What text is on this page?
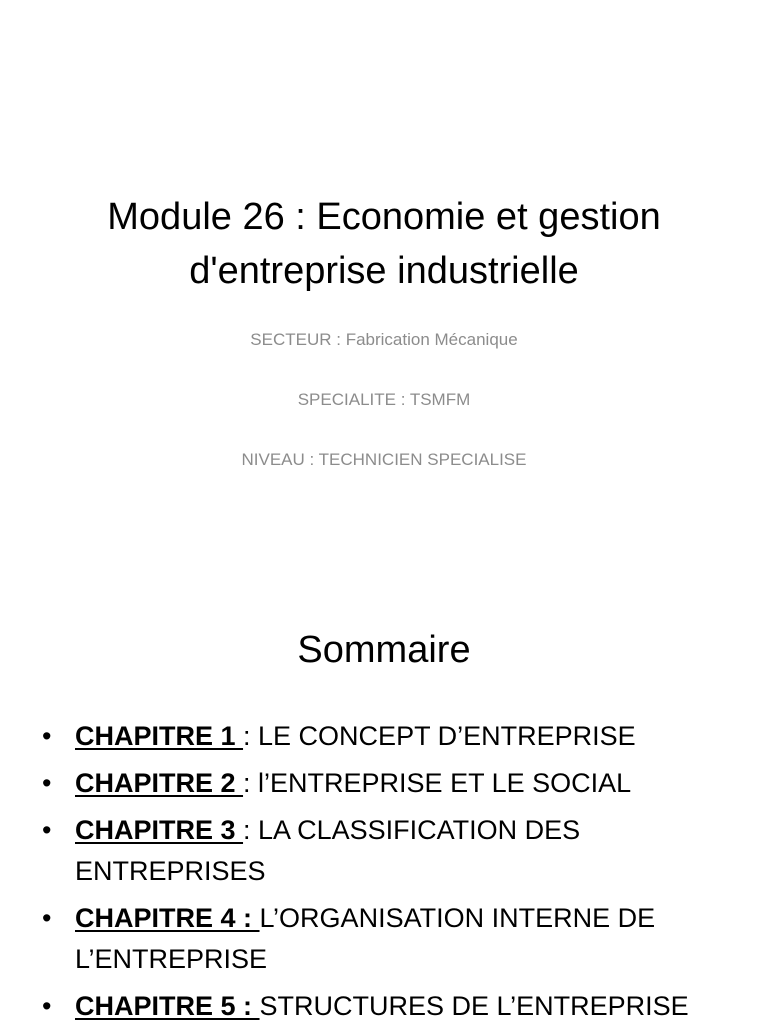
Module 26 : Economie et gestion
d'entreprise industrielle
SECTEUR : Fabrication Mécanique
SPECIALITE : TSMFM
NIVEAU : TECHNICIEN SPECIALISE
Sommaire
• CHAPITRE 1 : LE CONCEPT D’ENTREPRISE
• CHAPITRE 2 : l’ENTREPRISE ET LE SOCIAL
• CHAPITRE 3 : LA CLASSIFICATION DES ENTREPRISES
• CHAPITRE 4 : L’ORGANISATION INTERNE DE L’ENTREPRISE
• CHAPITRE 5 : STRUCTURES DE L’ENTREPRISE
